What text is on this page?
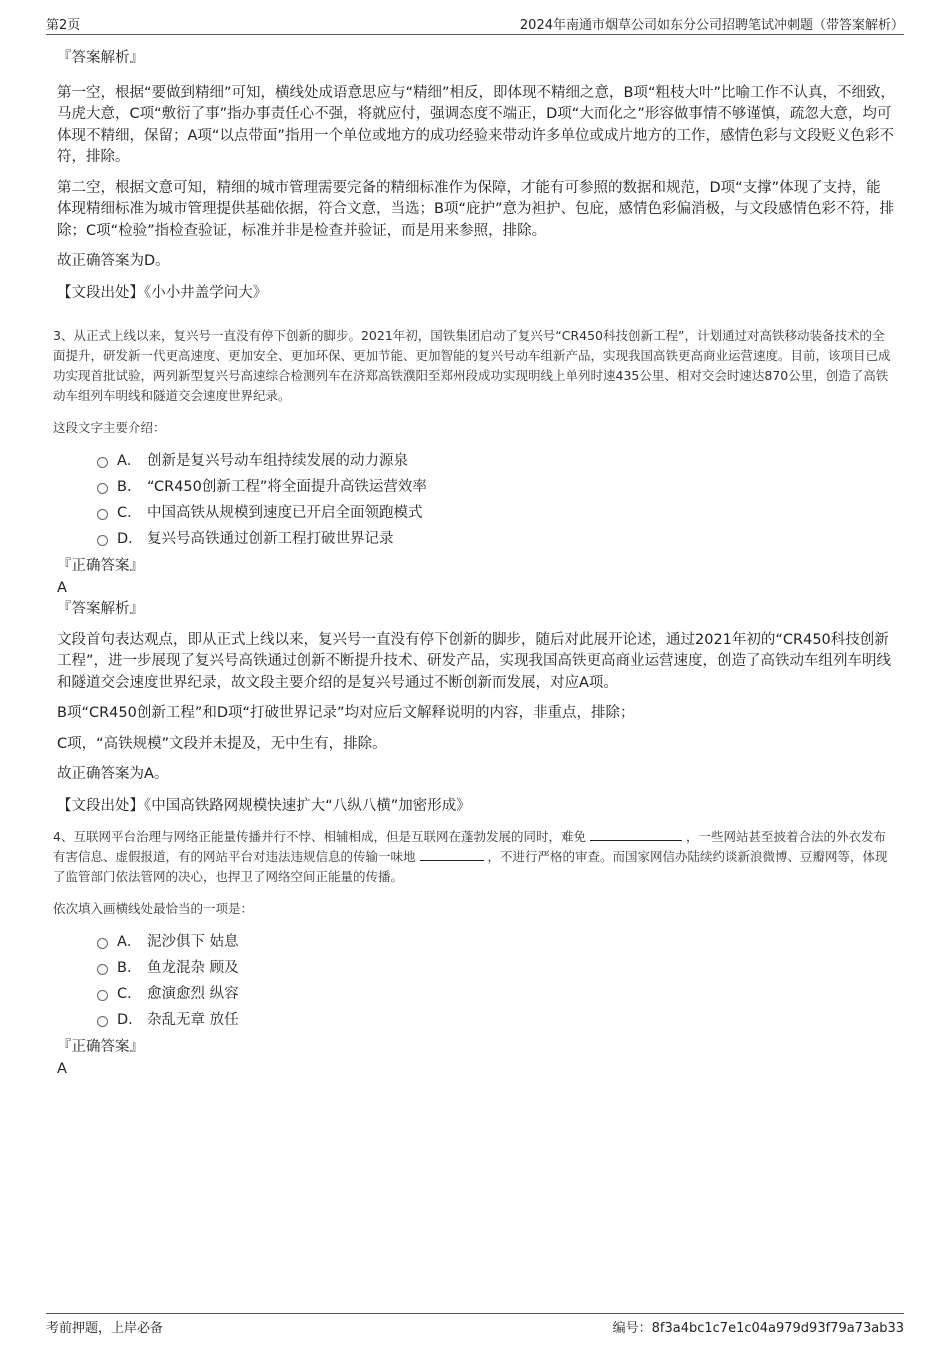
第2页	2024年南通市烟草公司如东分公司招聘笔试冲刺题（带答案解析）

『答案解析』

第一空，根据“要做到精细”可知，横线处成语意思应与“精细”相反，即体现不精细之意，B项“粗枝大叶”比喻工作不认真，不细致，马虎大意，C项“敷衍了事”指办事责任心不强，将就应付，强调态度不端正，D项“大而化之”形容做事情不够谨慎，疏忽大意，均可体现不精细，保留；A项“以点带面”指用一个单位或地方的成功经验来带动许多单位或成片地方的工作，感情色彩与文段贬义色彩不符，排除。

第二空，根据文意可知，精细的城市管理需要完备的精细标准作为保障，才能有可参照的数据和规范，D项“支撑”体现了支持，能体现精细标准为城市管理提供基础依据，符合文意，当选；B项“庇护”意为袒护、包庇，感情色彩偏消极，与文段感情色彩不符，排除；C项“检验”指检查验证，标准并非是检查并验证，而是用来参照，排除。

故正确答案为D。

【文段出处】《小小井盖学问大》

3、从正式上线以来，复兴号一直没有停下创新的脚步。2021年初，国铁集团启动了复兴号“CR450科技创新工程”，计划通过对高铁移动装备技术的全面提升，研发新一代更高速度、更加安全、更加环保、更加节能、更加智能的复兴号动车组新产品，实现我国高铁更高商业运营速度。目前，该项目已成功实现首批试验，两列新型复兴号高速综合检测列车在济郑高铁濮阳至郑州段成功实现明线上单列时速435公里、相对交会时速达870公里，创造了高铁动车组列车明线和隧道交会速度世界纪录。

这段文字主要介绍：

A． 创新是复兴号动车组持续发展的动力源泉
B． “CR450创新工程”将全面提升高铁运营效率
C． 中国高铁从规模到速度已开启全面领跑模式
D． 复兴号高铁通过创新工程打破世界记录

『正确答案』

A

『答案解析』

文段首句表达观点，即从正式上线以来，复兴号一直没有停下创新的脚步，随后对此展开论述，通过2021年初的“CR450科技创新工程”，进一步展现了复兴号高铁通过创新不断提升技术、研发产品，实现我国高铁更高商业运营速度，创造了高铁动车组列车明线和隧道交会速度世界纪录，故文段主要介绍的是复兴号通过不断创新而发展，对应A项。

B项“CR450创新工程”和D项“打破世界记录”均对应后文解释说明的内容，非重点，排除；

C项，“高铁规模”文段并未提及，无中生有，排除。

故正确答案为A。

【文段出处】《中国高铁路网规模快速扩大“八纵八横”加密形成》

4、互联网平台治理与网络正能量传播并行不悖、相辅相成，但是互联网在蓬勃发展的同时，难免	，一些网站甚至披着合法的外衣发布有害信息、虚假报道，有的网站平台对违法违规信息的传输一味地	，不进行严格的审查。而国家网信办陆续约谈新浪微博、豆瓣网等，体现了监管部门依法管网的决心，也捍卫了网络空间正能量的传播。

依次填入画横线处最恰当的一项是：

A． 泥沙俱下 姑息
B． 鱼龙混杂 顾及
C． 愈演愈烈 纵容
D． 杂乱无章 放任

『正确答案』

A

考前押题，上岸必备	编号：8f3a4bc1c7e1c04a979d93f79a73ab33
